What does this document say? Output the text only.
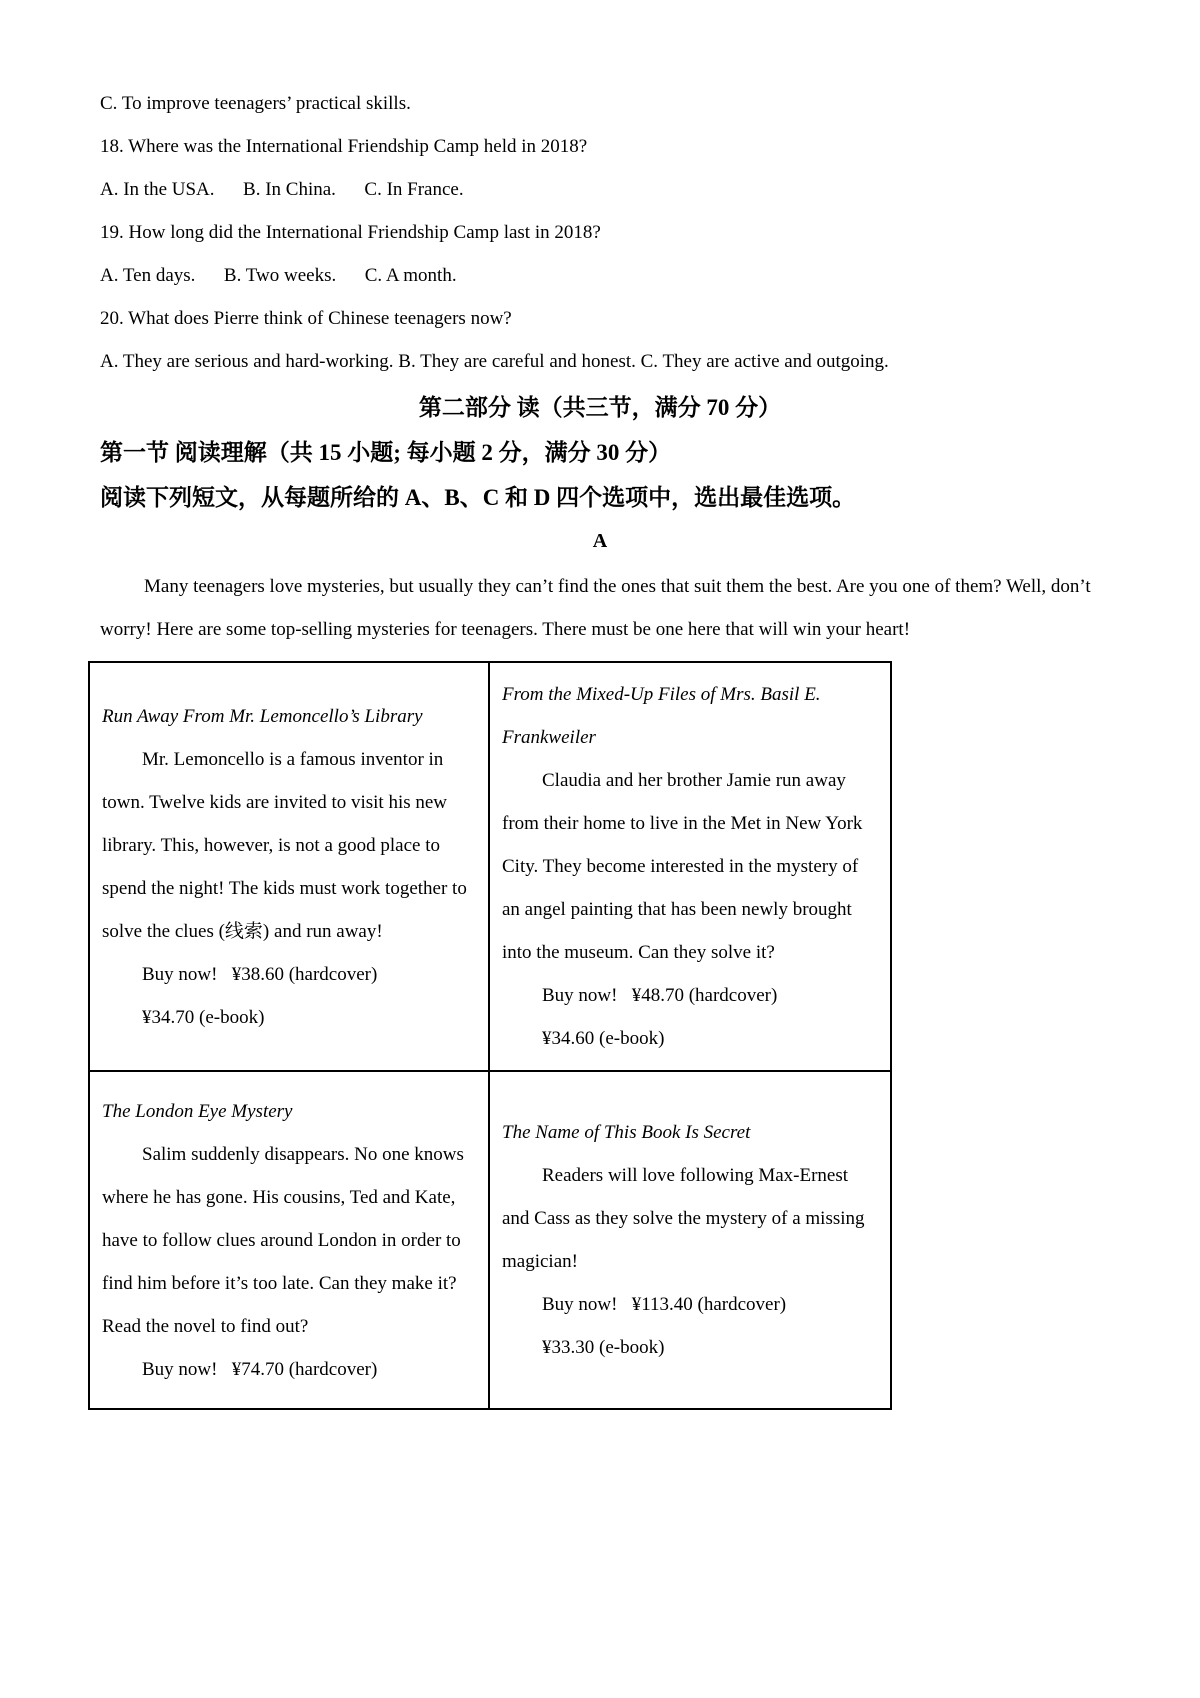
C. To improve teenagers’ practical skills.

18. Where was the International Friendship Camp held in 2018?

A. In the USA.      B. In China.      C. In France.

19. How long did the International Friendship Camp last in 2018?

A. Ten days.      B. Two weeks.      C. A month.

20. What does Pierre think of Chinese teenagers now?

A. They are serious and hard-working. B. They are careful and honest. C. They are active and outgoing.

第二部分 读（共三节，满分 70 分）
第一节 阅读理解（共 15 小题; 每小题 2 分，满分 30 分）
阅读下列短文，从每题所给的 A、B、C 和 D 四个选项中，选出最佳选项。

A

Many teenagers love mysteries, but usually they can’t find the ones that suit them the best. Are you one of them? Well, don’t worry! Here are some top-selling mysteries for teenagers. There must be one here that will win your heart!

Run Away From Mr. Lemoncello’s Library

Mr. Lemoncello is a famous inventor in town. Twelve kids are invited to visit his new library. This, however, is not a good place to spend the night! The kids must work together to solve the clues (线索) and run away!

Buy now!   ¥38.60 (hardcover)

¥34.70 (e-book)

From the Mixed-Up Files of Mrs. Basil E. Frankweiler

Claudia and her brother Jamie run away from their home to live in the Met in New York City. They become interested in the mystery of an angel painting that has been newly brought into the museum. Can they solve it?

Buy now!   ¥48.70 (hardcover)

¥34.60 (e-book)

The London Eye Mystery

Salim suddenly disappears. No one knows where he has gone. His cousins, Ted and Kate, have to follow clues around London in order to find him before it’s too late. Can they make it? Read the novel to find out?

Buy now!   ¥74.70 (hardcover)

The Name of This Book Is Secret

Readers will love following Max-Ernest and Cass as they solve the mystery of a missing magician!

Buy now!   ¥113.40 (hardcover)

¥33.30 (e-book)
